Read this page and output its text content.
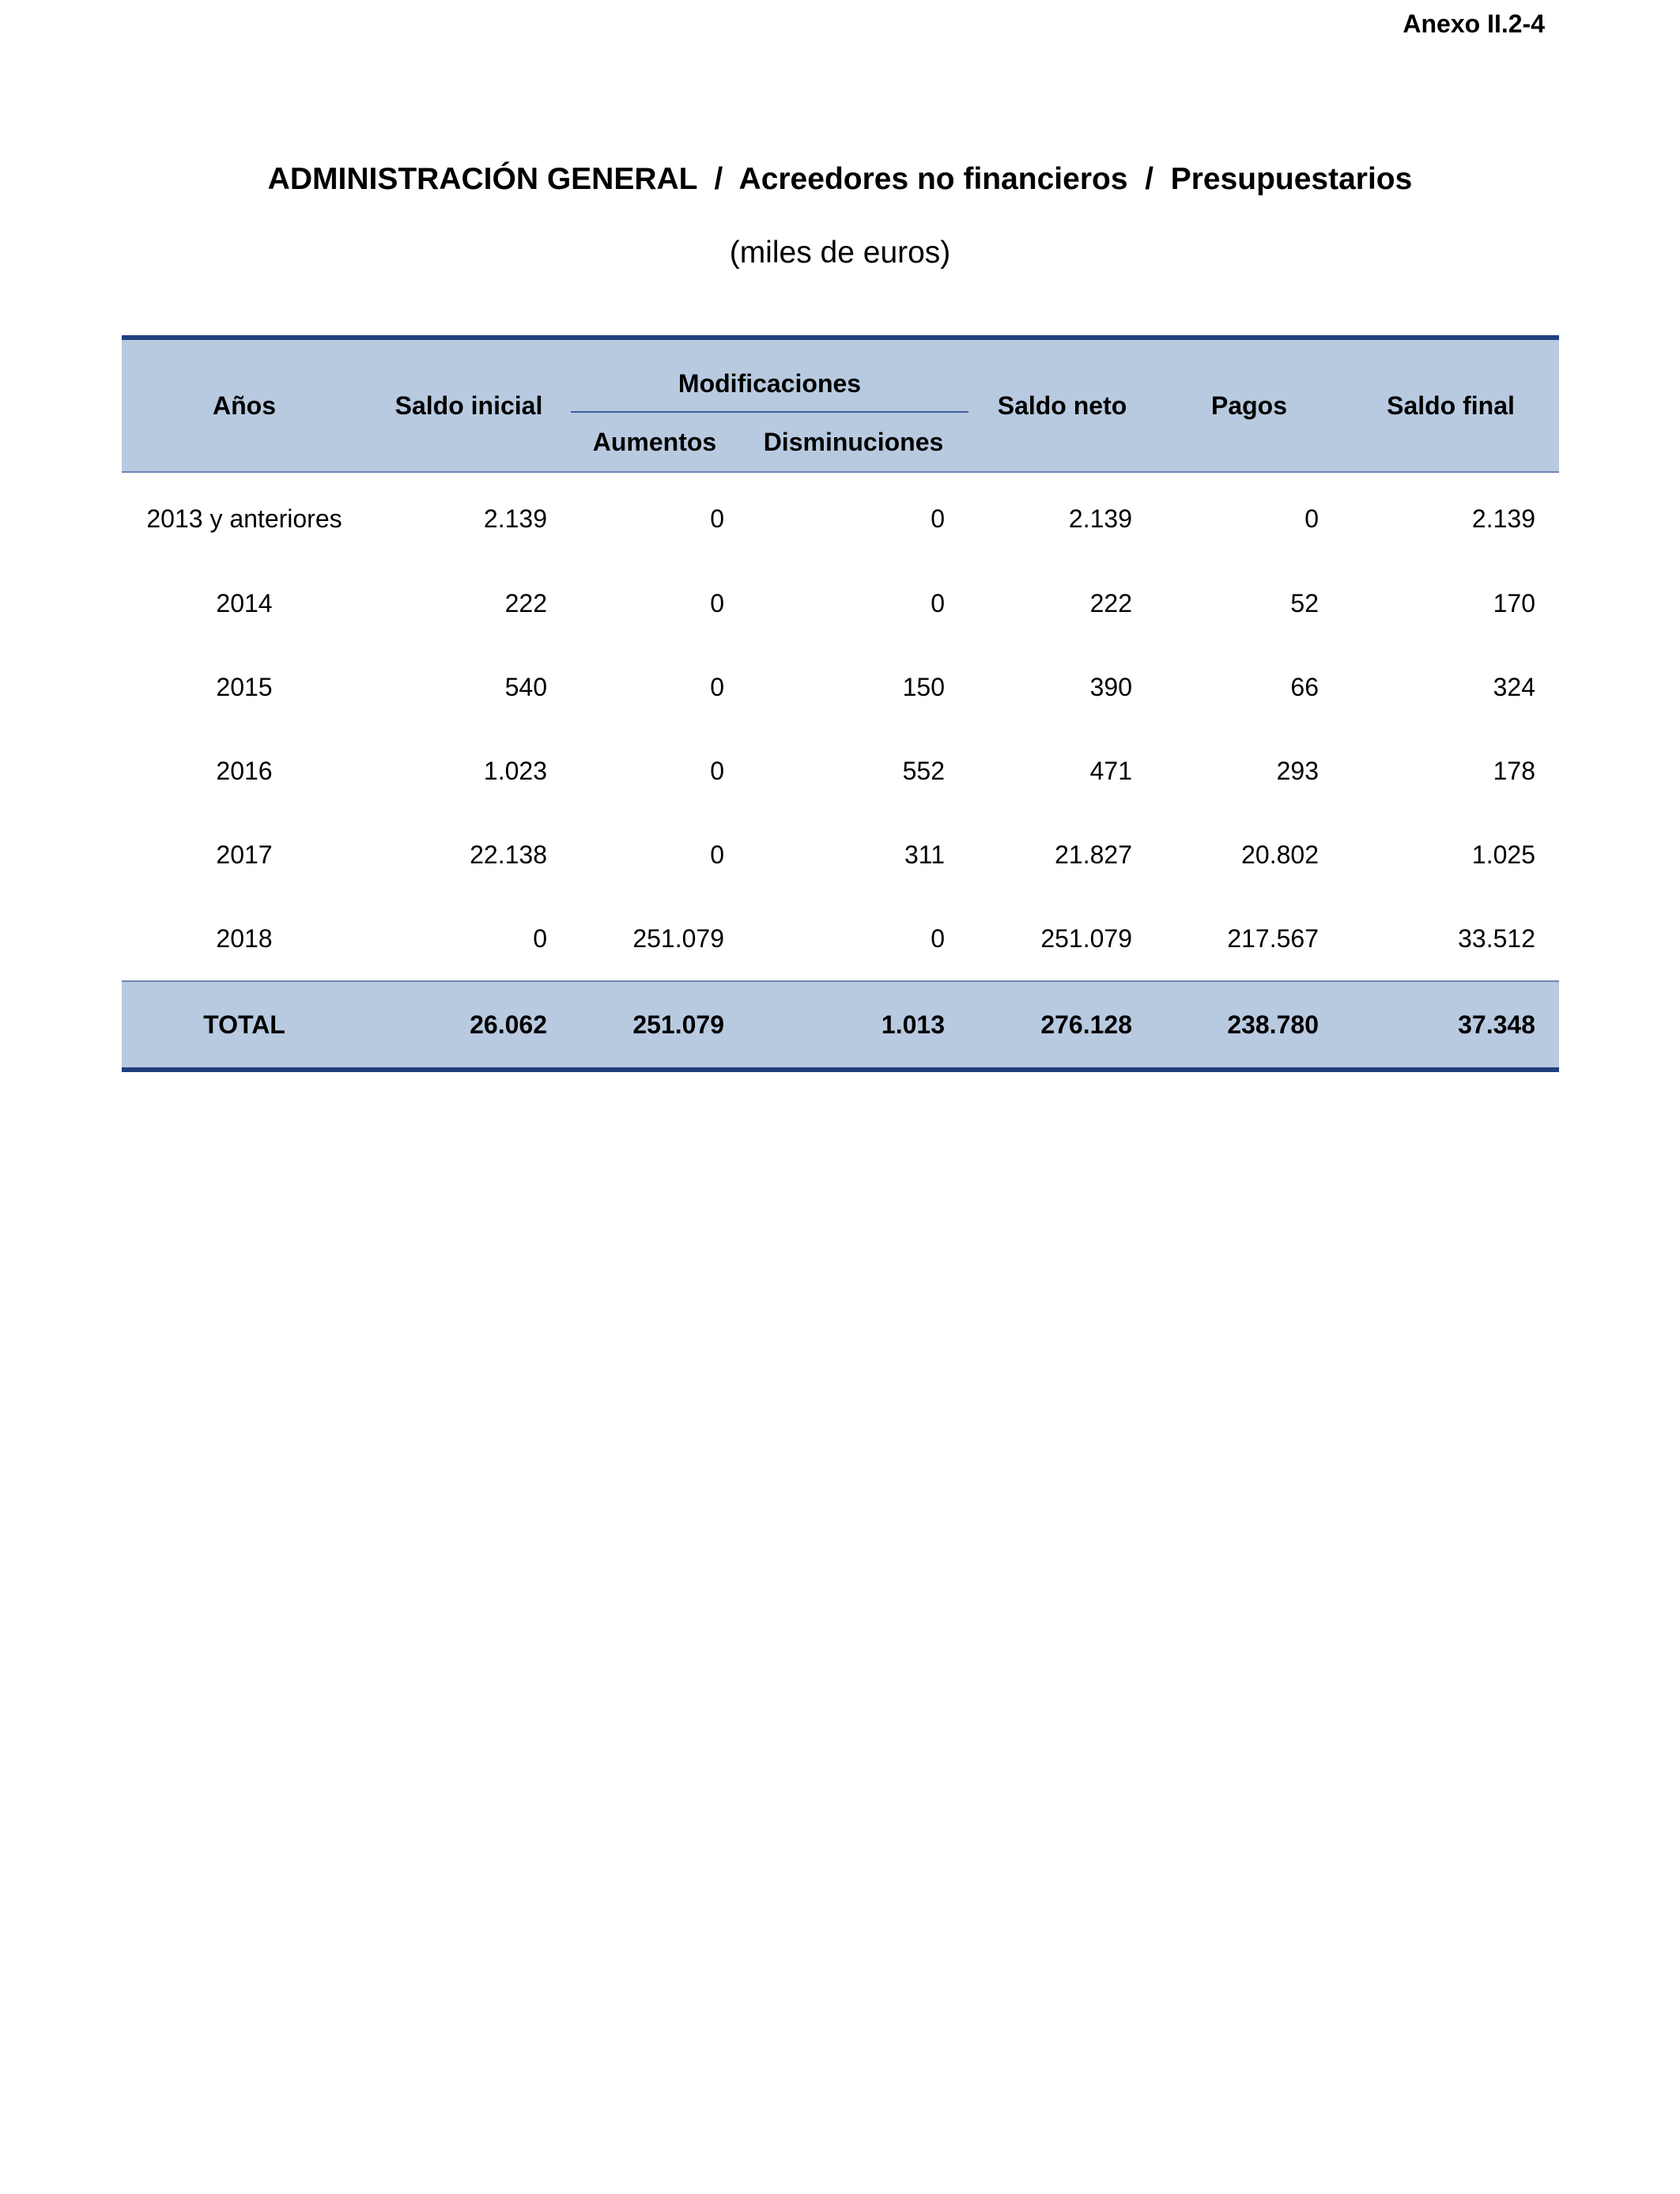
Anexo II.2-4
ADMINISTRACIÓN GENERAL  /  Acreedores no financieros  /  Presupuestarios
(miles de euros)
Años	Saldo inicial	Modificaciones		Saldo neto	Pagos	Saldo final
		Aumentos	Disminuciones			
2013 y anteriores	2.139	0	0	2.139	0	2.139
2014	222	0	0	222	52	170
2015	540	0	150	390	66	324
2016	1.023	0	552	471	293	178
2017	22.138	0	311	21.827	20.802	1.025
2018	0	251.079	0	251.079	217.567	33.512
TOTAL	26.062	251.079	1.013	276.128	238.780	37.348
